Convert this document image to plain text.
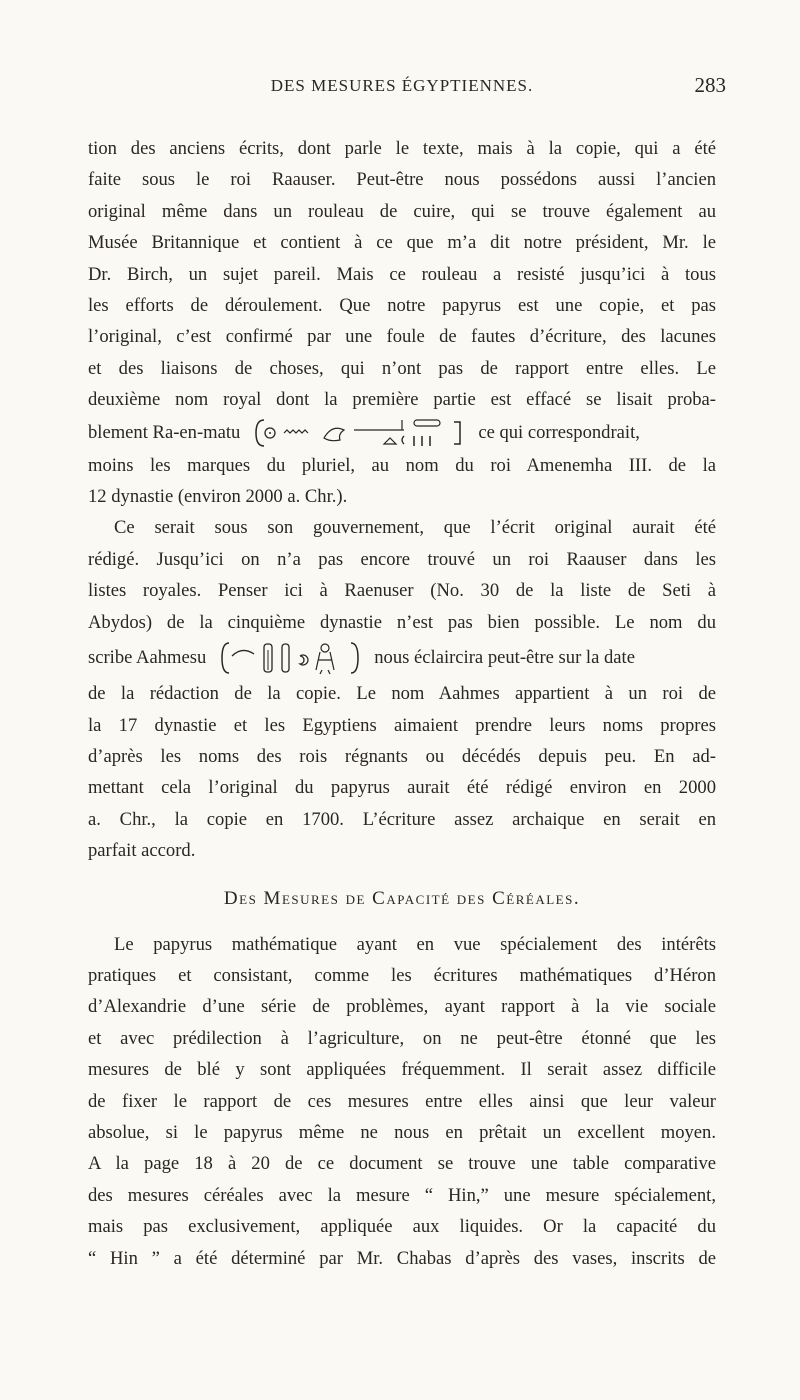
DES MESURES ÉGYPTIENNES.	283

tion des anciens écrits, dont parle le texte, mais à la copie, qui a été
faite sous le roi Raauser. Peut-être nous possédons aussi l’ancien
original même dans un rouleau de cuire, qui se trouve également au
Musée Britannique et contient à ce que m’a dit notre président, Mr. le
Dr. Birch, un sujet pareil. Mais ce rouleau a resisté jusqu’ici à tous
les efforts de déroulement. Que notre papyrus est une copie, et pas
l’original, c’est confirmé par une foule de fautes d’écriture, des lacunes
et des liaisons de choses, qui n’ont pas de rapport entre elles. Le
deuxième nom royal dont la première partie est effacé se lisait proba-
blement Ra-en-matu	ce qui correspondrait,
moins les marques du pluriel, au nom du roi Amenemha III. de la
12 dynastie (environ 2000 a. Chr.).

Ce serait sous son gouvernement, que l’écrit original aurait été
rédigé. Jusqu’ici on n’a pas encore trouvé un roi Raauser dans les
listes royales. Penser ici à Raenuser (No. 30 de la liste de Seti à
Abydos) de la cinquième dynastie n’est pas bien possible. Le nom du
scribe Aahmesu	nous éclaircira peut-être sur la date
de la rédaction de la copie. Le nom Aahmes appartient à un roi de
la 17 dynastie et les Egyptiens aimaient prendre leurs noms propres
d’après les noms des rois régnants ou décédés depuis peu. En ad-
mettant cela l’original du papyrus aurait été rédigé environ en 2000
a. Chr., la copie en 1700. L’écriture assez archaique en serait en
parfait accord.

Des Mesures de Capacité des Céréales.

Le papyrus mathématique ayant en vue spécialement des intérêts
pratiques et consistant, comme les écritures mathématiques d’Héron
d’Alexandrie d’une série de problèmes, ayant rapport à la vie sociale
et avec prédilection à l’agriculture, on ne peut-être étonné que les
mesures de blé y sont appliquées fréquemment. Il serait assez difficile
de fixer le rapport de ces mesures entre elles ainsi que leur valeur
absolue, si le papyrus même ne nous en prêtait un excellent moyen.
A la page 18 à 20 de ce document se trouve une table comparative
des mesures céréales avec la mesure “ Hin,” une mesure spécialement,
mais pas exclusivement, appliquée aux liquides. Or la capacité du
“ Hin ” a été déterminé par Mr. Chabas d’après des vases, inscrits de
